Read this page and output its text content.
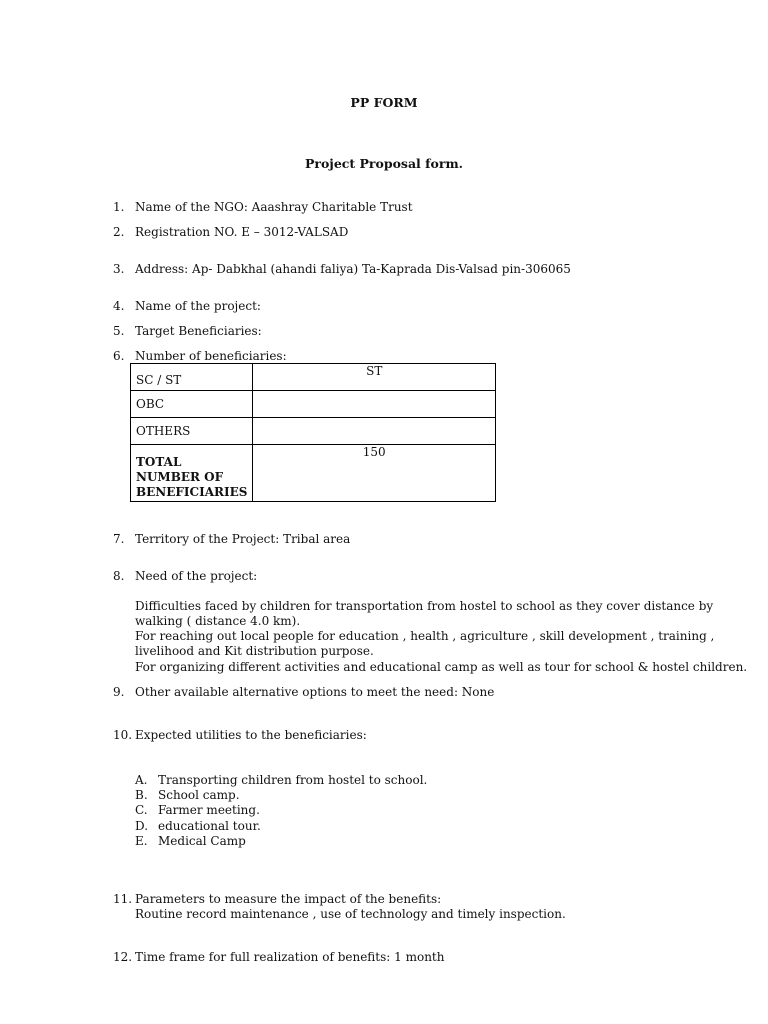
PP FORM
Project Proposal form.
1. Name of the NGO: Aaashray Charitable Trust
2. Registration NO. E – 3012-VALSAD
3. Address: Ap- Dabkhal (ahandi faliya) Ta-Kaprada Dis-Valsad pin-306065
4. Name of the project:
5. Target Beneficiaries:
6. Number of beneficiaries:
SC / ST	ST
OBC	
OTHERS	

TOTAL
NUMBER OF
BENEFICIARIES	150
7. Territory of the Project: Tribal area
8. Need of the project:
Difficulties faced by children for transportation from hostel to school as they cover distance by
walking ( distance 4.0 km).
For reaching out local people for education , health , agriculture , skill development , training ,
livelihood and Kit distribution purpose.
For organizing different activities and educational camp as well as tour for school & hostel children.
9. Other available alternative options to meet the need: None
10. Expected utilities to the beneficiaries:
A. Transporting children from hostel to school.
B. School camp.
C. Farmer meeting.
D. educational tour.
E. Medical Camp
11. Parameters to measure the impact of the benefits:
Routine record maintenance , use of technology and timely inspection.
12. Time frame for full realization of benefits: 1 month
